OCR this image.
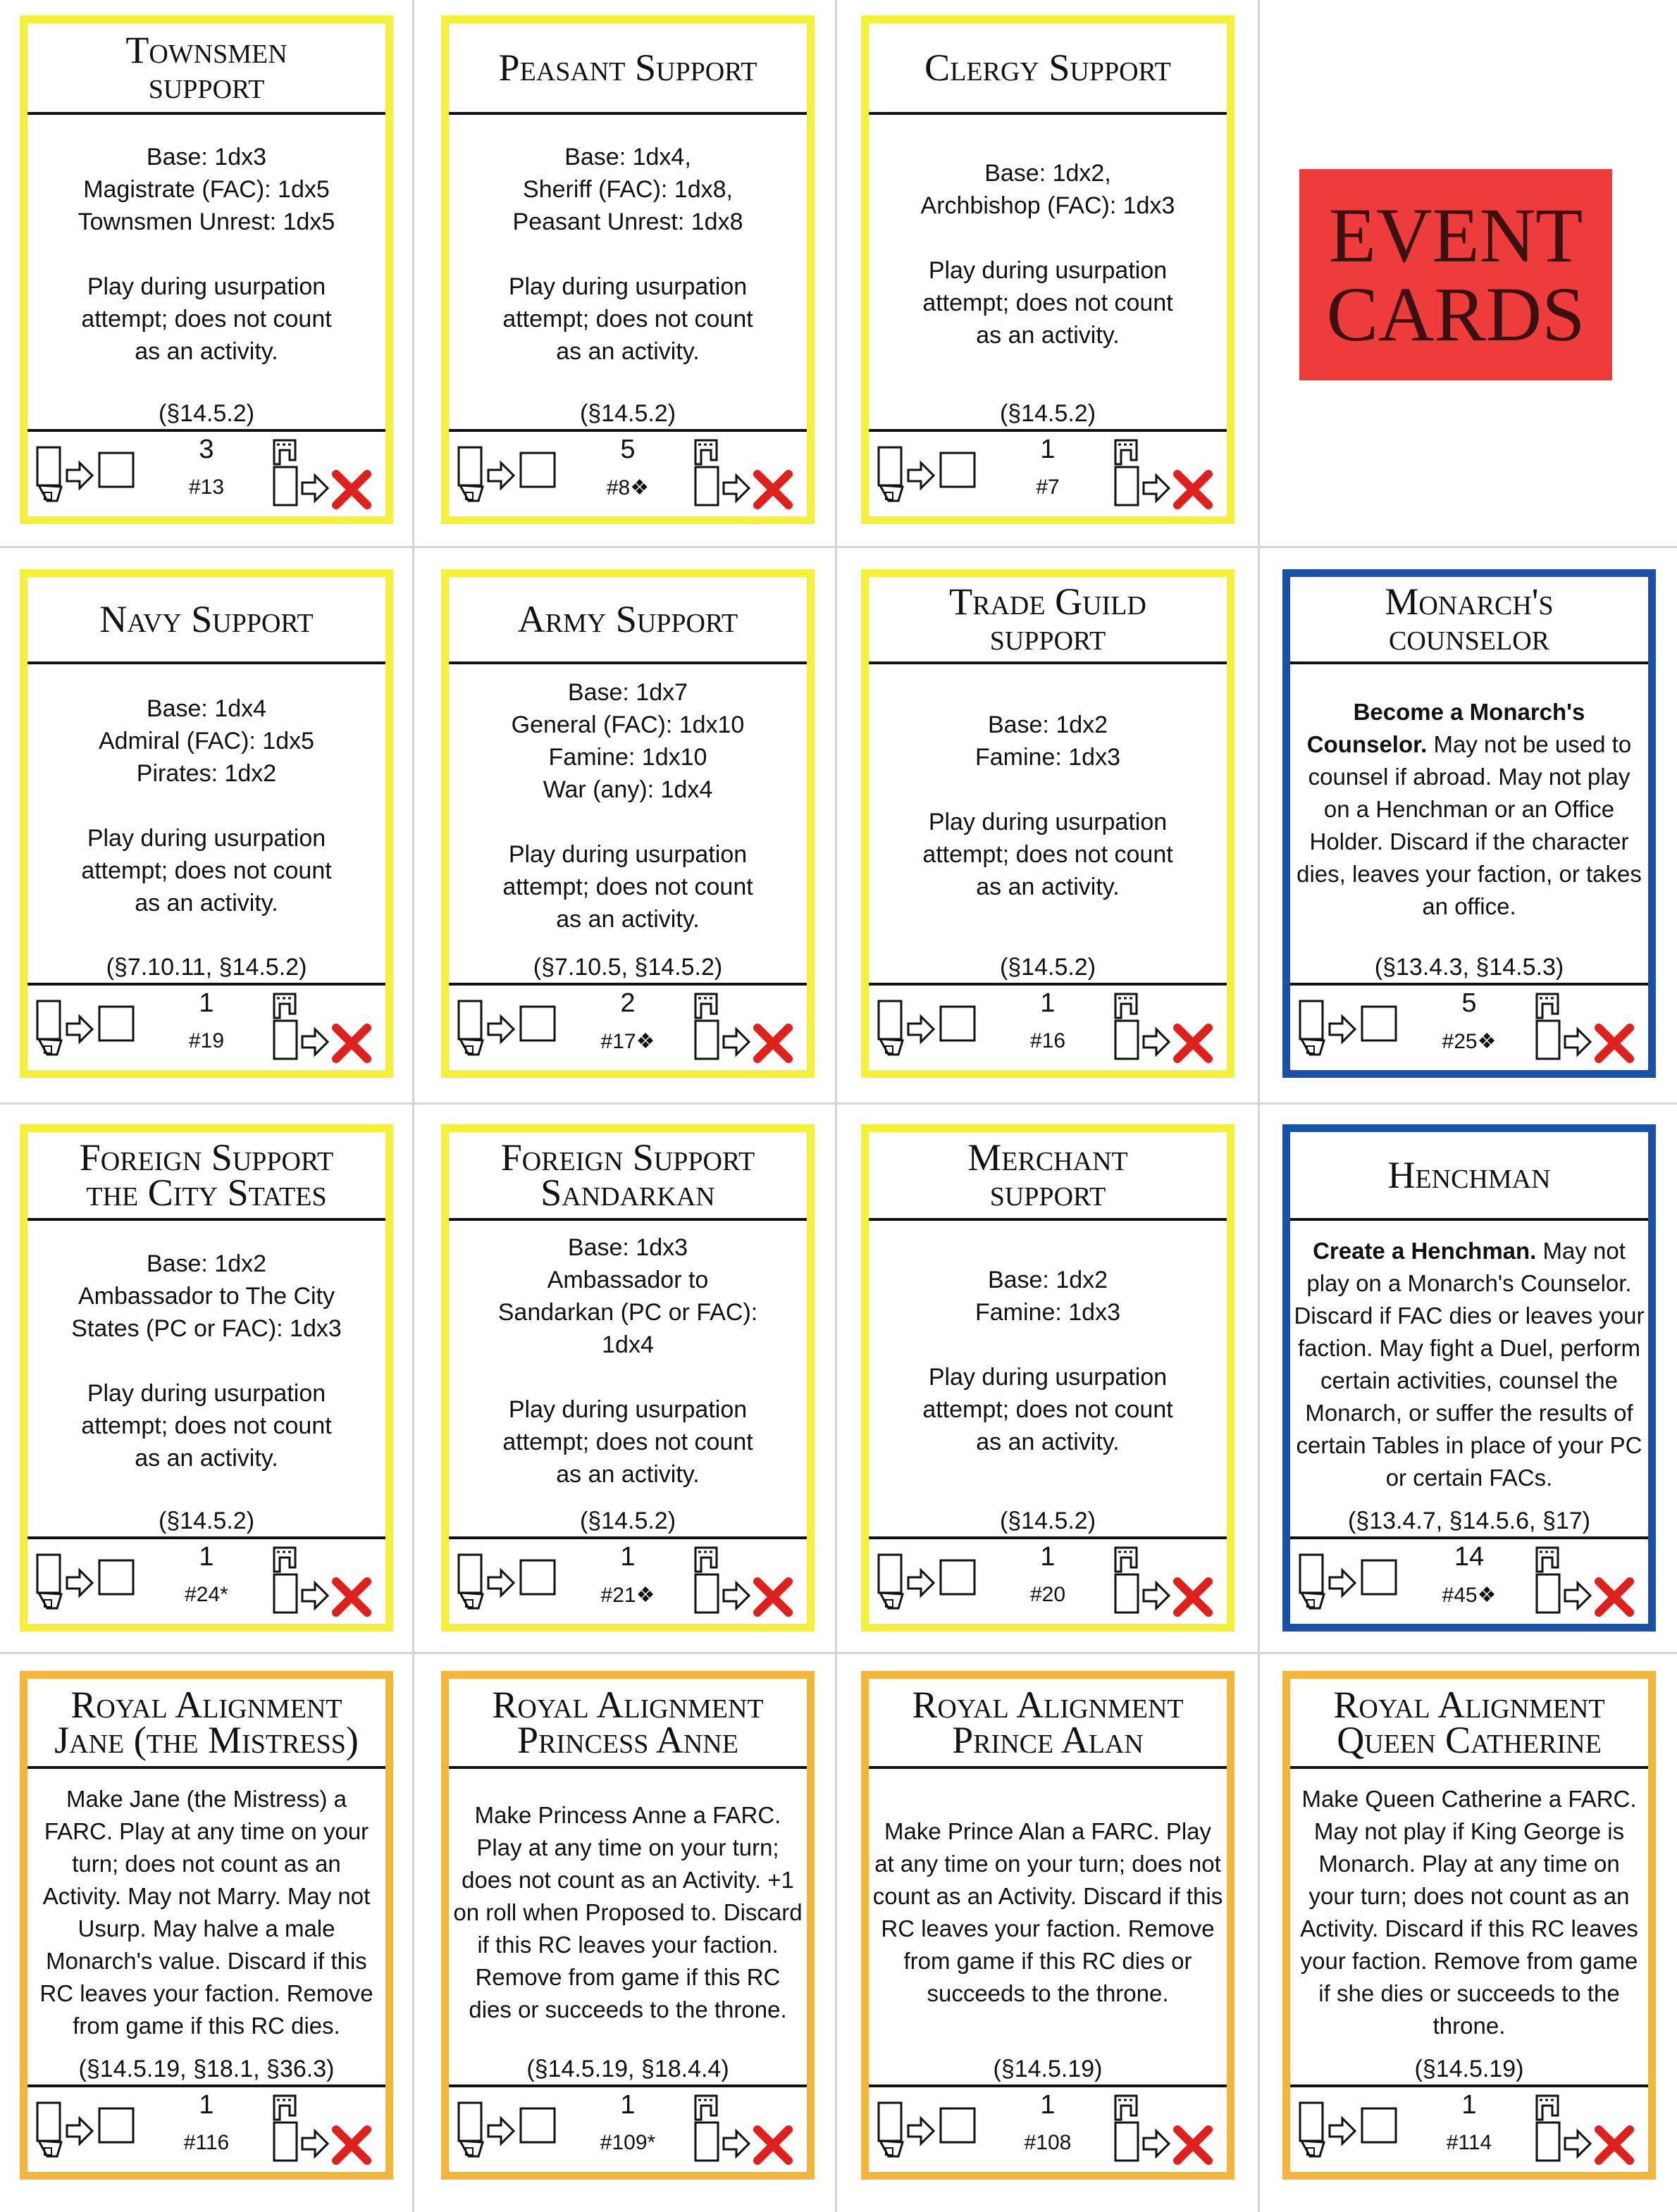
EVENT
CARDS
Townsmen
support
Base: 1dx3
Magistrate (FAC): 1dx5
Townsmen Unrest: 1dx5
Play during usurpation
attempt; does not count
as an activity.
(§14.5.2)
3
#13
Peasant Support
Base: 1dx4,
Sheriff (FAC): 1dx8,
Peasant Unrest: 1dx8
Play during usurpation
attempt; does not count
as an activity.
(§14.5.2)
5
#8❖
Clergy Support
Base: 1dx2,
Archbishop (FAC): 1dx3
Play during usurpation
attempt; does not count
as an activity.
(§14.5.2)
1
#7
Navy Support
Base: 1dx4
Admiral (FAC): 1dx5
Pirates: 1dx2
Play during usurpation
attempt; does not count
as an activity.
(§7.10.11, §14.5.2)
1
#19
Army Support
Base: 1dx7
General (FAC): 1dx10
Famine: 1dx10
War (any): 1dx4
Play during usurpation
attempt; does not count
as an activity.
(§7.10.5, §14.5.2)
2
#17❖
Trade Guild
support
Base: 1dx2
Famine: 1dx3
Play during usurpation
attempt; does not count
as an activity.
(§14.5.2)
1
#16
Monarch's
counselor
Become a Monarch's Counselor. May not be used to counsel if abroad. May not play on a Henchman or an Office Holder. Discard if the character dies, leaves your faction, or takes an office.
(§13.4.3, §14.5.3)
5
#25❖
Foreign Support
the City States
Base: 1dx2
Ambassador to The City
States (PC or FAC): 1dx3
Play during usurpation
attempt; does not count
as an activity.
(§14.5.2)
1
#24*
Foreign Support
Sandarkan
Base: 1dx3
Ambassador to
Sandarkan (PC or FAC):
1dx4
Play during usurpation
attempt; does not count
as an activity.
(§14.5.2)
1
#21❖
Merchant
support
Base: 1dx2
Famine: 1dx3
Play during usurpation
attempt; does not count
as an activity.
(§14.5.2)
1
#20
Henchman
Create a Henchman. May not play on a Monarch's Counselor. Discard if FAC dies or leaves your faction. May fight a Duel, perform certain activities, counsel the Monarch, or suffer the results of certain Tables in place of your PC or certain FACs.
(§13.4.7, §14.5.6, §17)
14
#45❖
Royal Alignment
Jane (the Mistress)
Make Jane (the Mistress) a FARC. Play at any time on your turn; does not count as an Activity. May not Marry. May not Usurp. May halve a male Monarch's value. Discard if this RC leaves your faction. Remove from game if this RC dies.
(§14.5.19, §18.1, §36.3)
1
#116
Royal Alignment
Princess Anne
Make Princess Anne a FARC. Play at any time on your turn; does not count as an Activity. +1 on roll when Proposed to. Discard if this RC leaves your faction. Remove from game if this RC dies or succeeds to the throne.
(§14.5.19, §18.4.4)
1
#109*
Royal Alignment
Prince Alan
Make Prince Alan a FARC. Play at any time on your turn; does not count as an Activity. Discard if this RC leaves your faction. Remove from game if this RC dies or succeeds to the throne.
(§14.5.19)
1
#108
Royal Alignment
Queen Catherine
Make Queen Catherine a FARC. May not play if King George is Monarch. Play at any time on your turn; does not count as an Activity. Discard if this RC leaves your faction. Remove from game if she dies or succeeds to the throne.
(§14.5.19)
1
#114
